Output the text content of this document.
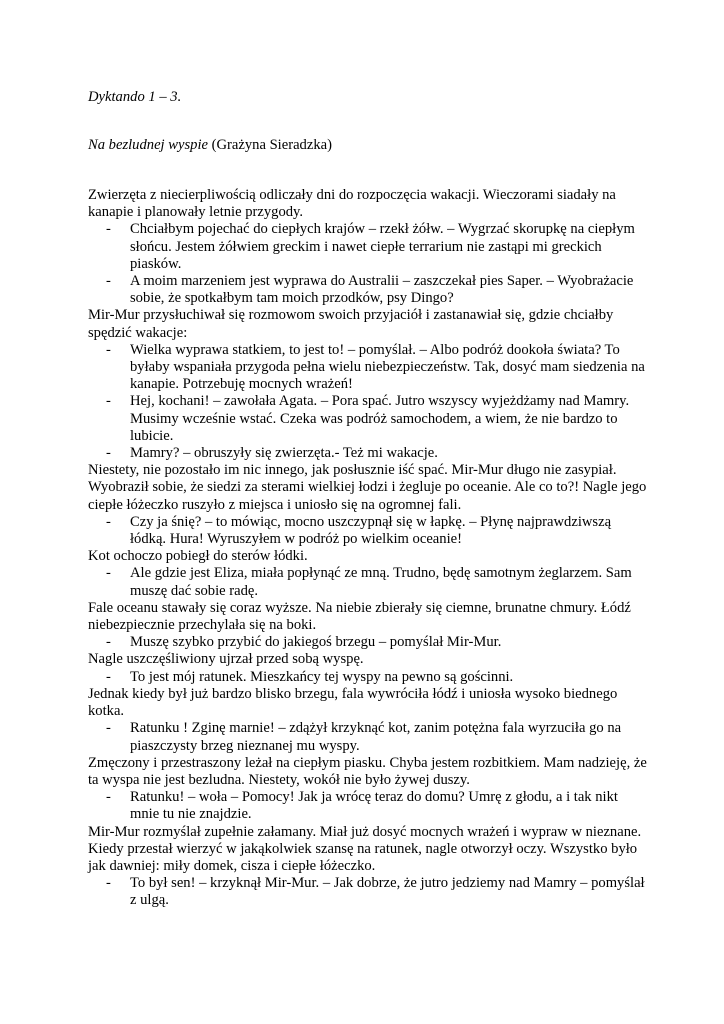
Dyktando 1 – 3.

Na bezludnej wyspie (Grażyna Sieradzka)

Zwierzęta z niecierpliwością odliczały dni do rozpoczęcia wakacji. Wieczorami siadały na kanapie i planowały letnie przygody.

- Chciałbym pojechać do ciepłych krajów – rzekł żółw. – Wygrzać skorupkę na ciepłym słońcu. Jestem żółwiem greckim i nawet ciepłe terrarium nie zastąpi mi greckich piasków.

- A moim marzeniem jest wyprawa do Australii – zaszczekał pies Saper. – Wyobrażacie sobie, że spotkałbym tam moich przodków, psy Dingo?

Mir-Mur przysłuchiwał się rozmowom swoich przyjaciół i zastanawiał się, gdzie chciałby spędzić wakacje:

- Wielka wyprawa statkiem, to jest to! – pomyślał. – Albo podróż dookoła świata? To byłaby wspaniała przygoda pełna wielu niebezpieczeństw. Tak, dosyć mam siedzenia na kanapie. Potrzebuję mocnych wrażeń!

- Hej, kochani! – zawołała Agata. – Pora spać. Jutro wszyscy wyjeżdżamy nad Mamry. Musimy wcześnie wstać. Czeka was podróż samochodem, a wiem, że nie bardzo to lubicie.

- Mamry? – obruszyły się zwierzęta.- Też mi wakacje.

Niestety, nie pozostało im nic innego, jak posłusznie iść spać. Mir-Mur długo nie zasypiał. Wyobraził sobie, że siedzi za sterami wielkiej łodzi i żegluje po oceanie. Ale co to?! Nagle jego ciepłe łóżeczko ruszyło z miejsca i uniosło się na ogromnej fali.

- Czy ja śnię? – to mówiąc, mocno uszczypnął się w łapkę. – Płynę najprawdziwszą łódką. Hura! Wyruszyłem w podróż po wielkim oceanie!

Kot ochoczo pobiegł do sterów łódki.

- Ale gdzie jest Eliza, miała popłynąć ze mną. Trudno, będę samotnym żeglarzem. Sam muszę dać sobie radę.

Fale oceanu stawały się coraz wyższe. Na niebie zbierały się ciemne, brunatne chmury. Łódź niebezpiecznie przechylała się na boki.

- Muszę szybko przybić do jakiegoś brzegu – pomyślał Mir-Mur.

Nagle uszczęśliwiony ujrzał przed sobą wyspę.

- To jest mój ratunek. Mieszkańcy tej wyspy na pewno są gościnni.

Jednak kiedy był już bardzo blisko brzegu, fala wywróciła łódź i uniosła wysoko biednego kotka.

- Ratunku ! Zginę marnie! – zdążył krzyknąć kot, zanim potężna fala wyrzuciła go na piaszczysty brzeg nieznanej mu wyspy.

Zmęczony i przestraszony leżał na ciepłym piasku. Chyba jestem rozbitkiem. Mam nadzieję, że ta wyspa nie jest bezludna. Niestety, wokół nie było żywej duszy.

- Ratunku! – woła – Pomocy! Jak ja wrócę teraz do domu? Umrę z głodu, a i tak nikt mnie tu nie znajdzie.

Mir-Mur rozmyślał zupełnie załamany. Miał już dosyć mocnych wrażeń i wypraw w nieznane. Kiedy przestał wierzyć w jakąkolwiek szansę na ratunek, nagle otworzył oczy. Wszystko było jak dawniej: miły domek, cisza i ciepłe łóżeczko.

- To był sen! – krzyknął Mir-Mur. – Jak dobrze, że jutro jedziemy nad Mamry – pomyślał z ulgą.
